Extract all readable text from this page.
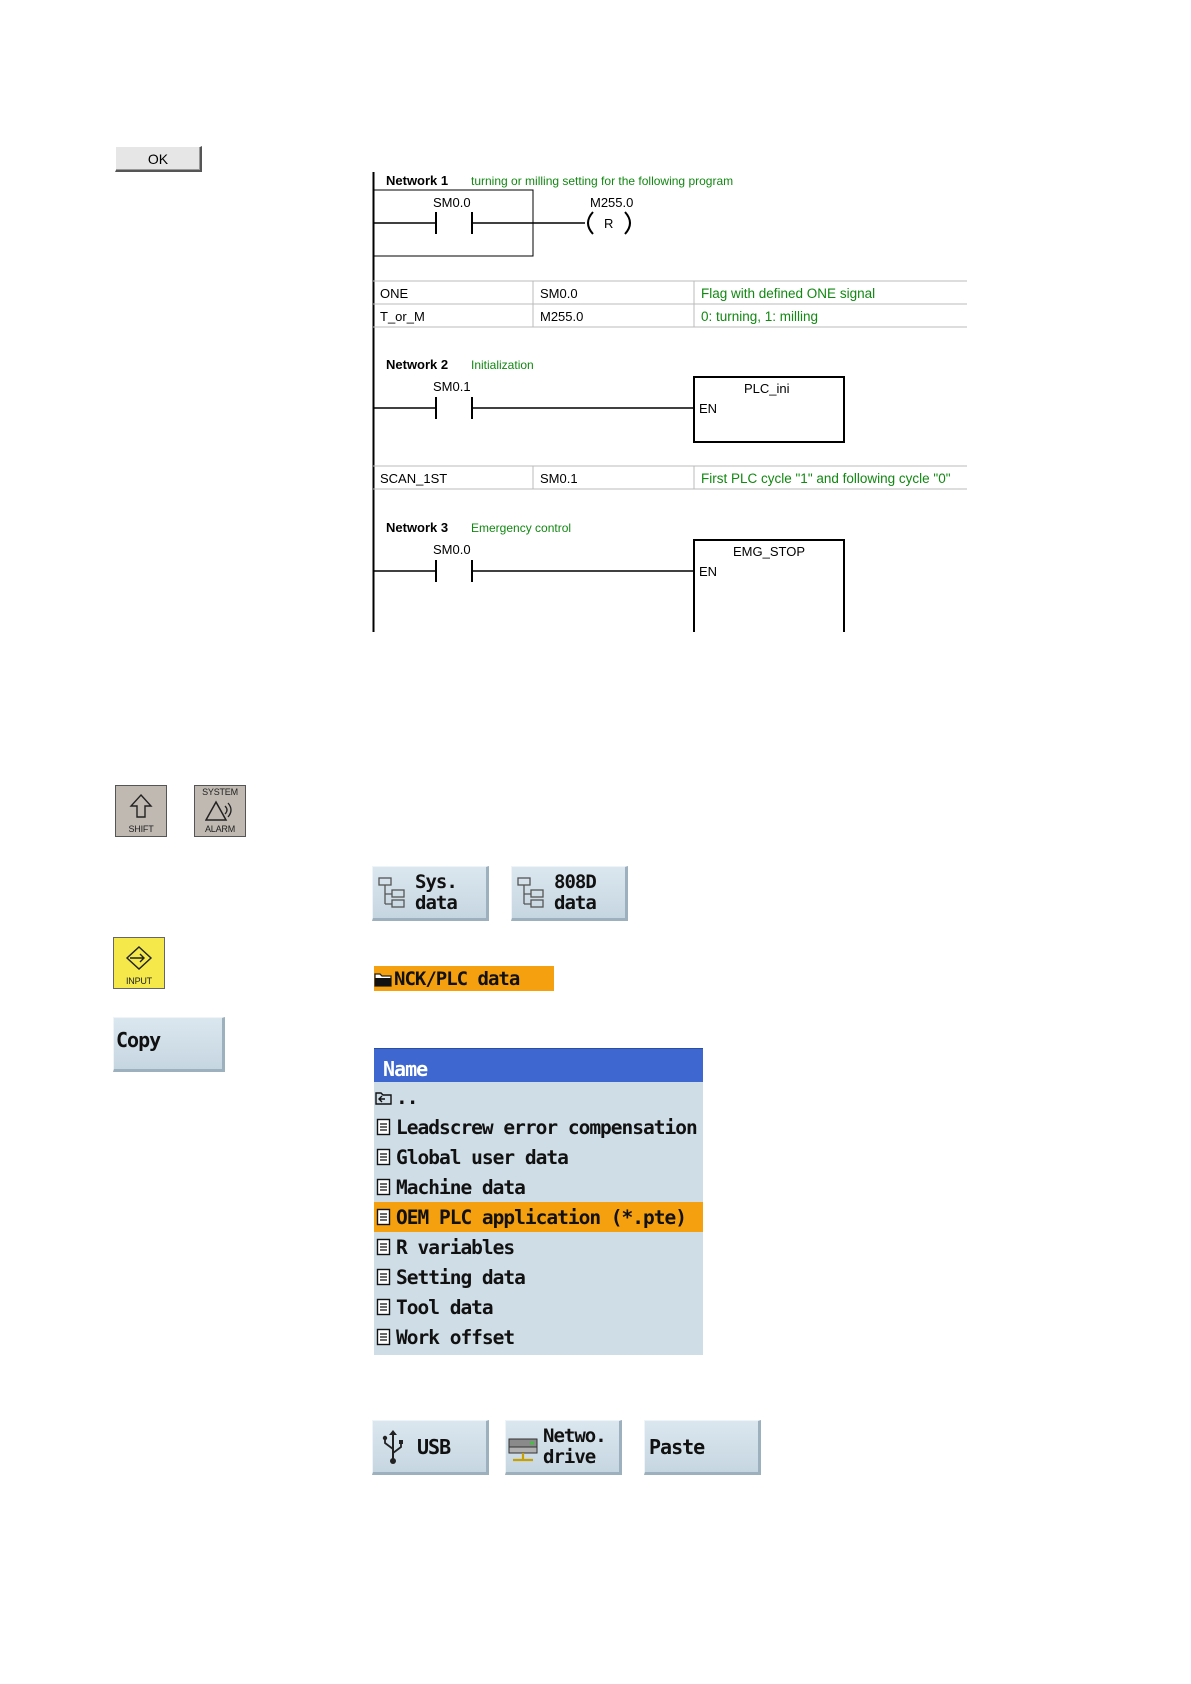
OK
Network 1 turning or milling setting for the following program
SM0.0	M255.0
R
ONE	SM0.0	Flag with defined ONE signal
T_or_M	M255.0	0: turning, 1: milling
Network 2 Initialization
SM0.1	PLC_ini
EN
SCAN_1ST	SM0.1	First PLC cycle "1" and following cycle "0"
Network 3 Emergency control
SM0.0	EMG_STOP
EN
SHIFT
SYSTEM
ALARM
INPUT
Sys.
data
808D
data
NCK/PLC data
Copy
Name
..
Leadscrew error compensation
Global user data
Machine data
OEM PLC application (*.pte)
R variables
Setting data
Tool data
Work offset
USB	Netwo.
drive	Paste
